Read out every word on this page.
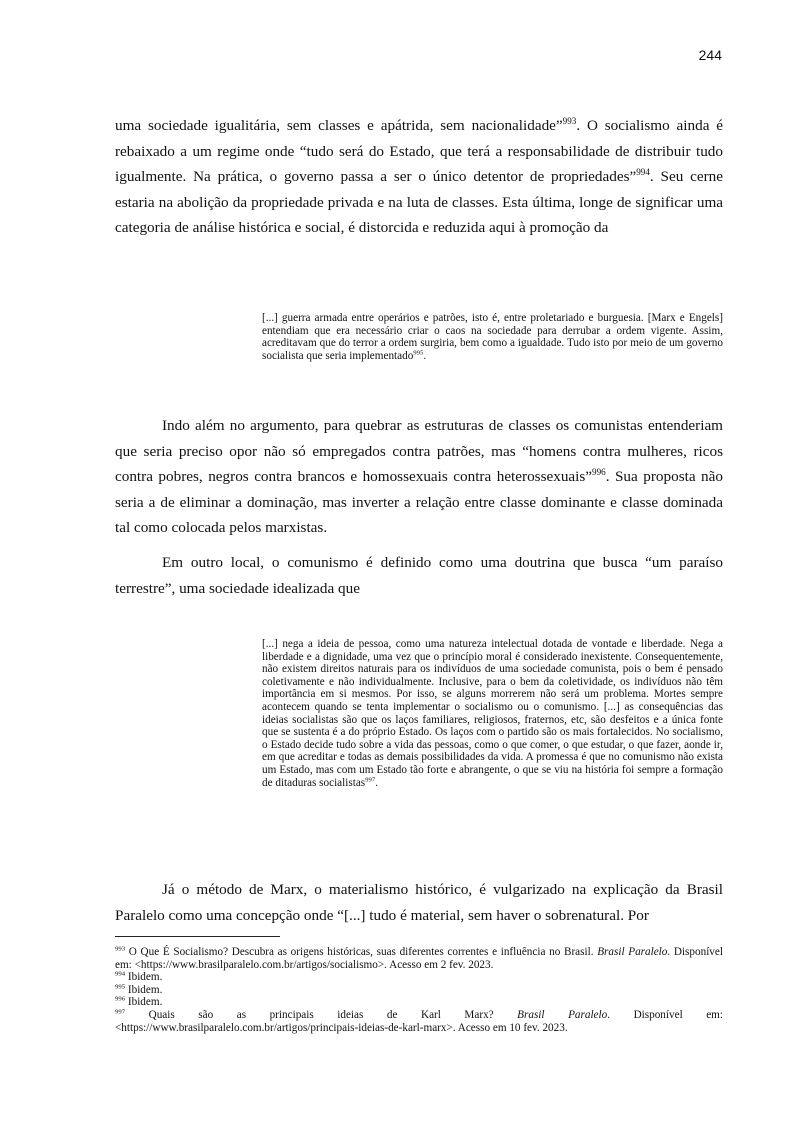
244

uma sociedade igualitária, sem classes e apátrida, sem nacionalidade”$^{993}$. O socialismo ainda é rebaixado a um regime onde “tudo será do Estado, que terá a responsabilidade de distribuir tudo igualmente. Na prática, o governo passa a ser o único detentor de propriedades”$^{994}$. Seu cerne estaria na abolição da propriedade privada e na luta de classes. Esta última, longe de significar uma categoria de análise histórica e social, é distorcida e reduzida aqui à promoção da

[...] guerra armada entre operários e patrões, isto é, entre proletariado e burguesia. [Marx e Engels] entendiam que era necessário criar o caos na sociedade para derrubar a ordem vigente. Assim, acreditavam que do terror a ordem surgiria, bem como a igualdade. Tudo isto por meio de um governo socialista que seria implementado$^{995}$.

Indo além no argumento, para quebrar as estruturas de classes os comunistas entenderiam que seria preciso opor não só empregados contra patrões, mas “homens contra mulheres, ricos contra pobres, negros contra brancos e homossexuais contra heterossexuais”$^{996}$. Sua proposta não seria a de eliminar a dominação, mas inverter a relação entre classe dominante e classe dominada tal como colocada pelos marxistas.

Em outro local, o comunismo é definido como uma doutrina que busca “um paraíso terrestre”, uma sociedade idealizada que

[...] nega a ideia de pessoa, como uma natureza intelectual dotada de vontade e liberdade. Nega a liberdade e a dignidade, uma vez que o princípio moral é considerado inexistente. Consequentemente, não existem direitos naturais para os indivíduos de uma sociedade comunista, pois o bem é pensado coletivamente e não individualmente. Inclusive, para o bem da coletividade, os indivíduos não têm importância em si mesmos. Por isso, se alguns morrerem não será um problema. Mortes sempre acontecem quando se tenta implementar o socialismo ou o comunismo. [...] as consequências das ideias socialistas são que os laços familiares, religiosos, fraternos, etc, são desfeitos e a única fonte que se sustenta é a do próprio Estado. Os laços com o partido são os mais fortalecidos. No socialismo, o Estado decide tudo sobre a vida das pessoas, como o que comer, o que estudar, o que fazer, aonde ir, em que acreditar e todas as demais possibilidades da vida. A promessa é que no comunismo não exista um Estado, mas com um Estado tão forte e abrangente, o que se viu na história foi sempre a formação de ditaduras socialistas$^{997}$.

Já o método de Marx, o materialismo histórico, é vulgarizado na explicação da Brasil Paralelo como uma concepção onde “[...] tudo é material, sem haver o sobrenatural. Por

$^{993}$ O Que É Socialismo? Descubra as origens históricas, suas diferentes correntes e influência no Brasil. Brasil Paralelo. Disponível em: <https://www.brasilparalelo.com.br/artigos/socialismo>. Acesso em 2 fev. 2023.
$^{994}$ Ibidem.
$^{995}$ Ibidem.
$^{996}$ Ibidem.
$^{997}$ Quais são as principais ideias de Karl Marx? Brasil Paralelo. Disponível em:
<https://www.brasilparalelo.com.br/artigos/principais-ideias-de-karl-marx>. Acesso em 10 fev. 2023.
